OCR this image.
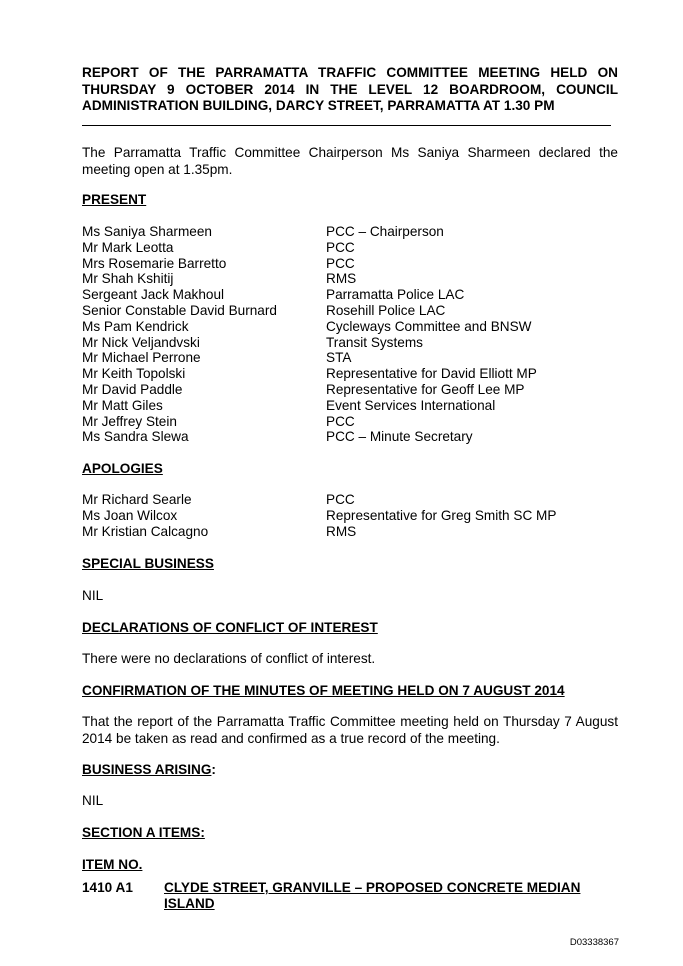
REPORT OF THE PARRAMATTA TRAFFIC COMMITTEE MEETING HELD ON THURSDAY 9 OCTOBER 2014 IN THE LEVEL 12 BOARDROOM, COUNCIL ADMINISTRATION BUILDING, DARCY STREET, PARRAMATTA AT 1.30 PM

The Parramatta Traffic Committee Chairperson Ms Saniya Sharmeen declared the meeting open at 1.35pm.

PRESENT

Ms Saniya Sharmeen	PCC – Chairperson
Mr Mark Leotta	PCC
Mrs Rosemarie Barretto	PCC
Mr Shah Kshitij	RMS
Sergeant Jack Makhoul	Parramatta Police LAC
Senior Constable David Burnard	Rosehill Police LAC
Ms Pam Kendrick	Cycleways Committee and BNSW
Mr Nick Veljandvski	Transit Systems
Mr Michael Perrone	STA
Mr Keith Topolski	Representative for David Elliott MP
Mr David Paddle	Representative for Geoff Lee MP
Mr Matt Giles	Event Services International
Mr Jeffrey Stein	PCC
Ms Sandra Slewa	PCC – Minute Secretary

APOLOGIES

Mr Richard Searle	PCC
Ms Joan Wilcox	Representative for Greg Smith SC MP
Mr Kristian Calcagno	RMS

SPECIAL BUSINESS

NIL

DECLARATIONS OF CONFLICT OF INTEREST

There were no declarations of conflict of interest.

CONFIRMATION OF THE MINUTES OF MEETING HELD ON 7 AUGUST 2014

That the report of the Parramatta Traffic Committee meeting held on Thursday 7 August 2014 be taken as read and confirmed as a true record of the meeting.

BUSINESS ARISING:

NIL

SECTION A ITEMS:

ITEM NO.

1410 A1 CLYDE STREET, GRANVILLE – PROPOSED CONCRETE MEDIAN ISLAND

D03338367
